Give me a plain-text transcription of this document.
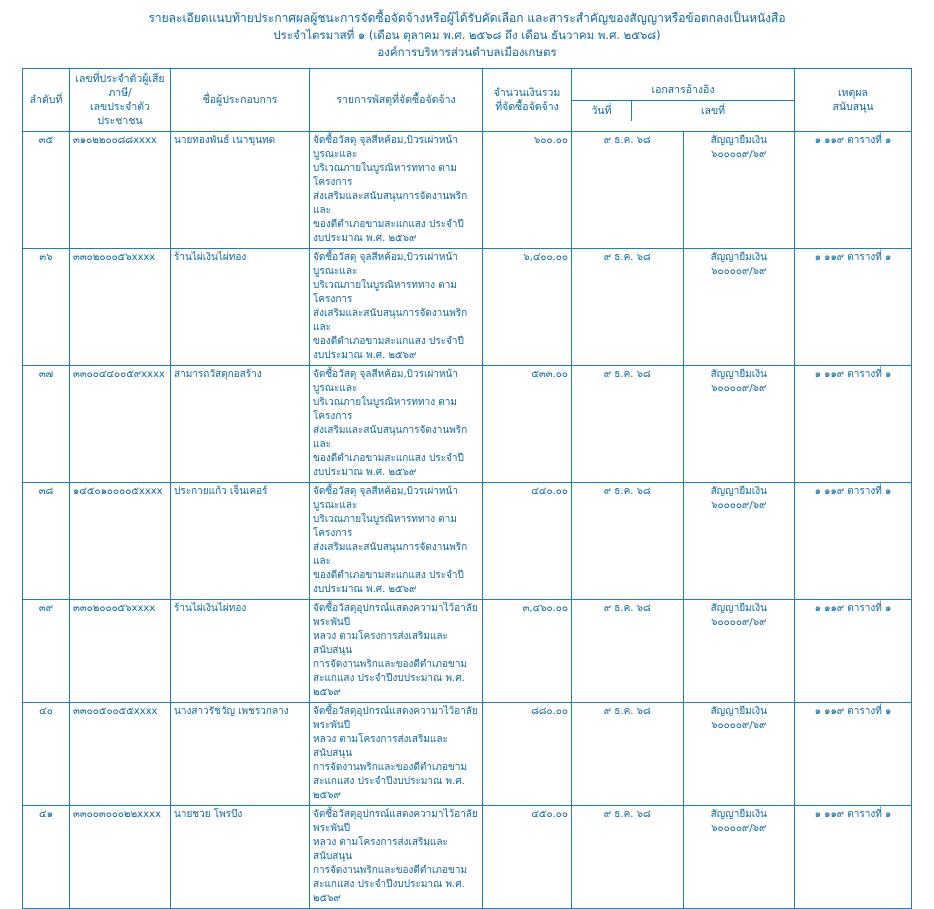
รายละเอียดแนบท้ายประกาศผลผู้ชนะการจัดซื้อจัดจ้างหรือผู้ได้รับคัดเลือก และสาระสำคัญของสัญญาหรือข้อตกลงเป็นหนังสือ
ประจำไตรมาสที่ ๑ (เดือน ตุลาคม พ.ศ. ๒๕๖๘ ถึง เดือน ธันวาคม พ.ศ. ๒๕๖๘)
องค์การบริหารส่วนตำบลเมืองเกษตร
ลำดับที่	
เลขที่ประจำตัวผู้เสียภาษี/
เลขประจำตัวประชาชน
	ชื่อผู้ประกอบการ	รายการพัสดุที่จัดซื้อจัดจ้าง	
จำนวนเงินรวม
ที่จัดซื้อจัดจ้าง

เอกสารอ้างอิง
วันที่	เลขที่

เหตุผล
สนับสนุน

๓๕	๓๑๐๒๒๐๐๘๘xxxx	นายทองพันธ์ เนาขุนทด	จัดซื้อวัสดุ จุลสีหค้อม,บิวรเผ่าหน้าบูรณะและ
บริเวณภายในบูรณิหารททาง ตามโครงการ
ส่งเสริมและสนับสนุนการจัดงานพริกและ
ของดีตำเภอขามสะแกแสง ประจำปี
งบประมาณ พ.ศ. ๒๕๖๙	๖๐๐.๐๐	๙ ธ.ค. ๖๘	สัญญายืมเงิน ๖๐๐๐๐๙/๖๙	๑ ๑๑๙ ตารางที่ ๑
๓๖	๓๓๐๒๐๐๐๕๖xxxx	ร้านไผ่เงินไผ่ทอง	จัดซื้อวัสดุ จุลสีหค้อม,บิวรเผ่าหน้าบูรณะและ
บริเวณภายในบูรณิหารททาง ตามโครงการ
ส่งเสริมและสนับสนุนการจัดงานพริกและ
ของดีตำเภอขามสะแกแสง ประจำปี
งบประมาณ พ.ศ. ๒๕๖๙	๖,๔๐๐.๐๐	๙ ธ.ค. ๖๘	สัญญายืมเงิน ๖๐๐๐๐๙/๖๙	๑ ๑๑๙ ตารางที่ ๑
๓๗	๓๓๐๐๔๔๐๐๕๙xxxx	สามารถวัสดุกอสร้าง	จัดซื้อวัสดุ จุลสีหค้อม,บิวรเผ่าหน้าบูรณะและ
บริเวณภายในบูรณิหารททาง ตามโครงการ
ส่งเสริมและสนับสนุนการจัดงานพริกและ
ของดีตำเภอขามสะแกแสง ประจำปี
งบประมาณ พ.ศ. ๒๕๖๙	๕๓๓.๐๐	๙ ธ.ค. ๖๘	สัญญายืมเงิน ๖๐๐๐๐๙/๖๙	๑ ๑๑๙ ตารางที่ ๑
๓๘	๑๔๕๐๑๐๐๐๐๕xxxx	ประกายแก้ว เจ็นเคอร์	จัดซื้อวัสดุ จุลสีหค้อม,บิวรเผ่าหน้าบูรณะและ
บริเวณภายในบูรณิหารททาง ตามโครงการ
ส่งเสริมและสนับสนุนการจัดงานพริกและ
ของดีตำเภอขามสะแกแสง ประจำปี
งบประมาณ พ.ศ. ๒๕๖๙	๔๔๐.๐๐	๙ ธ.ค. ๖๘	สัญญายืมเงิน ๖๐๐๐๐๙/๖๙	๑ ๑๑๙ ตารางที่ ๑
๓๙	๓๓๐๒๐๐๐๕๖xxxx	ร้านไผ่เงินไผ่ทอง	จัดซื้อวัสดุอุปกรณ์แสดงความาไว้อาลัยพระพันปี
หลวง ตามโครงการส่งเสริมและสนับสนุน
การจัดงานพริกและของดีตำเภอขาม
สะแกแสง ประจำปีงบประมาณ พ.ศ. ๒๕๖๙	๓,๔๖๐.๐๐	๙ ธ.ค. ๖๘	สัญญายืมเงิน ๖๐๐๐๐๙/๖๙	๑ ๑๑๙ ตารางที่ ๑
๔๐	๓๓๐๐๕๐๐๕๕xxxx	นางสาวรัชวัญ เพชรวกลาง	จัดซื้อวัสดุอุปกรณ์แสดงความาไว้อาลัยพระพันปี
หลวง ตามโครงการส่งเสริมและสนับสนุน
การจัดงานพริกและของดีตำเภอขาม
สะแกแสง ประจำปีงบประมาณ พ.ศ. ๒๕๖๙	๘๘๐.๐๐	๙ ธ.ค. ๖๘	สัญญายืมเงิน ๖๐๐๐๐๙/๖๙	๑ ๑๑๙ ตารางที่ ๑
๔๑	๓๓๐๐๓๐๐๐๒๒xxxx	นายชวย โพรบึง	จัดซื้อวัสดุอุปกรณ์แสดงความาไว้อาลัยพระพันปี
หลวง ตามโครงการส่งเสริมและสนับสนุน
การจัดงานพริกและของดีตำเภอขาม
สะแกแสง ประจำปีงบประมาณ พ.ศ. ๒๕๖๙	๔๕๐.๐๐	๙ ธ.ค. ๖๘	สัญญายืมเงิน ๖๐๐๐๐๙/๖๙	๑ ๑๑๙ ตารางที่ ๑
